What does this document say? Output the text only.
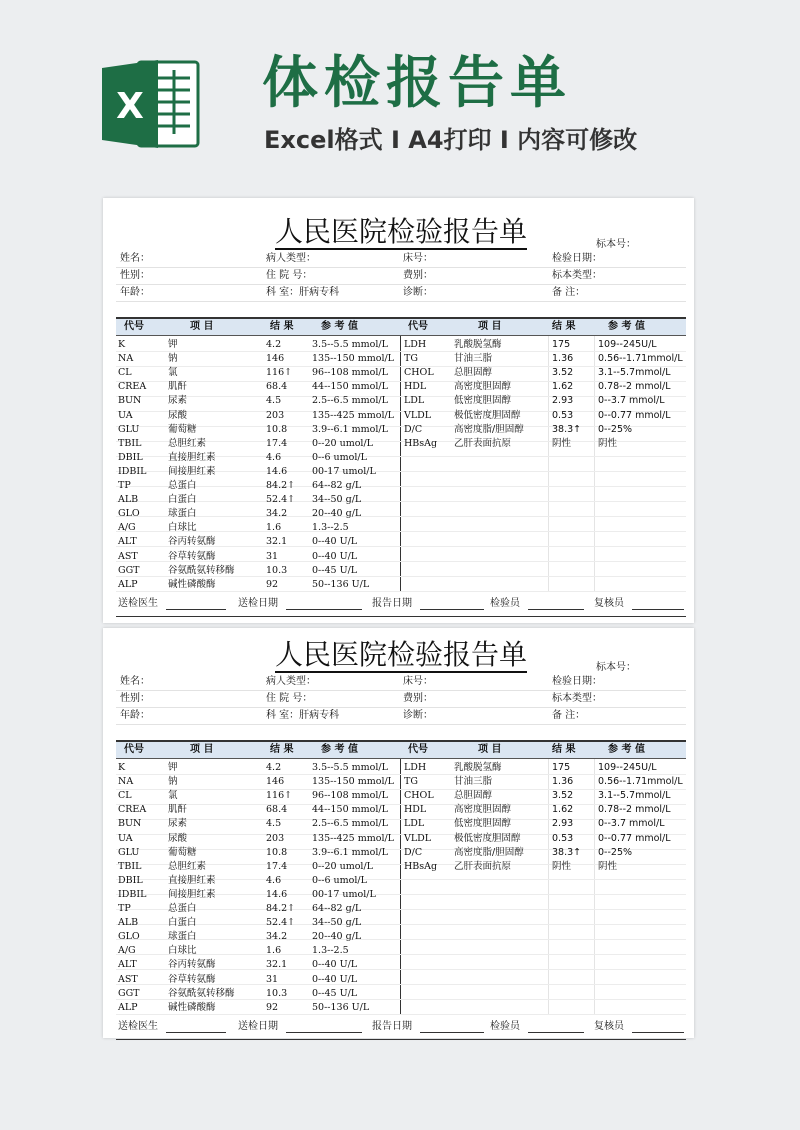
X 体检报告单
Excel格式 I A4打印 I 内容可修改
人民医院检验报告单	标本号：
姓名：	病人类型：	床号：	检验日期：
性别：	住 院 号：	费别：	标本类型：
年龄：	科 室：肝病专科	诊断：	备 注：
代号	项 目	结 果	参 考 值	代号	项 目	结 果	参 考 值
K	钾	4.2	3.5--5.5 mmol/L
NA	钠	146	135--150 mmol/L
CL	氯	116↑ 96--108 mmol/L
CREA 肌酐	68.4	44--150 mmol/L
BUN	尿素	4.5	2.5--6.5 mmol/L
UA	尿酸	203	135--425 mmol/L
GLU	葡萄糖	10.8	3.9--6.1 mmol/L
TBIL	总胆红素	17.4	0--20 umol/L
DBIL	直接胆红素	4.6	0--6 umol/L
IDBIL 间接胆红素	14.6	00-17 umol/L
TP	总蛋白	84.2↑ 64--82 g/L
ALB	白蛋白	52.4↑ 34--50 g/L
GLO	球蛋白	34.2	20--40 g/L
A/G	白球比	1.6	1.3--2.5
ALT	谷丙转氨酶	32.1	0--40 U/L
AST	谷草转氨酶	31	0--40 U/L
GGT	谷氨酰氨转移酶	10.3	0--45 U/L
ALP	碱性磷酸酶	92	50--136 U/L
LDH	乳酸脱氢酶	175	109--245U/L
TG	甘油三脂	1.36	0.56--1.71mmol/L
CHOL 总胆固醇	3.52	3.1--5.7mmol/L
HDL	高密度胆固醇	1.62	0.78--2 mmol/L
LDL	低密度胆固醇	2.93	0--3.7 mmol/L
VLDL 极低密度胆固醇	0.53	0--0.77 mmol/L
D/C	高密度脂/胆固醇	38.3↑ 0--25%
HBsAg 乙肝表面抗原	阴性	阴性
送检医生	送检日期	报告日期	检验员	复核员
人民医院检验报告单	标本号：
姓名：	病人类型：	床号：	检验日期：
性别：	住 院 号：	费别：	标本类型：
年龄：	科 室：肝病专科	诊断：	备 注：
代号	项 目	结 果	参 考 值	代号	项 目	结 果	参 考 值
K	钾	4.2	3.5--5.5 mmol/L
NA	钠	146	135--150 mmol/L
CL	氯	116↑ 96--108 mmol/L
CREA 肌酐	68.4	44--150 mmol/L
BUN	尿素	4.5	2.5--6.5 mmol/L
UA	尿酸	203	135--425 mmol/L
GLU	葡萄糖	10.8	3.9--6.1 mmol/L
TBIL	总胆红素	17.4	0--20 umol/L
DBIL	直接胆红素	4.6	0--6 umol/L
IDBIL 间接胆红素	14.6	00-17 umol/L
TP	总蛋白	84.2↑ 64--82 g/L
ALB	白蛋白	52.4↑ 34--50 g/L
GLO	球蛋白	34.2	20--40 g/L
A/G	白球比	1.6	1.3--2.5
ALT	谷丙转氨酶	32.1	0--40 U/L
AST	谷草转氨酶	31	0--40 U/L
GGT	谷氨酰氨转移酶	10.3	0--45 U/L
ALP	碱性磷酸酶	92	50--136 U/L
LDH	乳酸脱氢酶	175	109--245U/L
TG	甘油三脂	1.36	0.56--1.71mmol/L
CHOL 总胆固醇	3.52	3.1--5.7mmol/L
HDL	高密度胆固醇	1.62	0.78--2 mmol/L
LDL	低密度胆固醇	2.93	0--3.7 mmol/L
VLDL 极低密度胆固醇	0.53	0--0.77 mmol/L
D/C	高密度脂/胆固醇	38.3↑ 0--25%
HBsAg 乙肝表面抗原	阴性	阴性
送检医生	送检日期	报告日期	检验员	复核员
